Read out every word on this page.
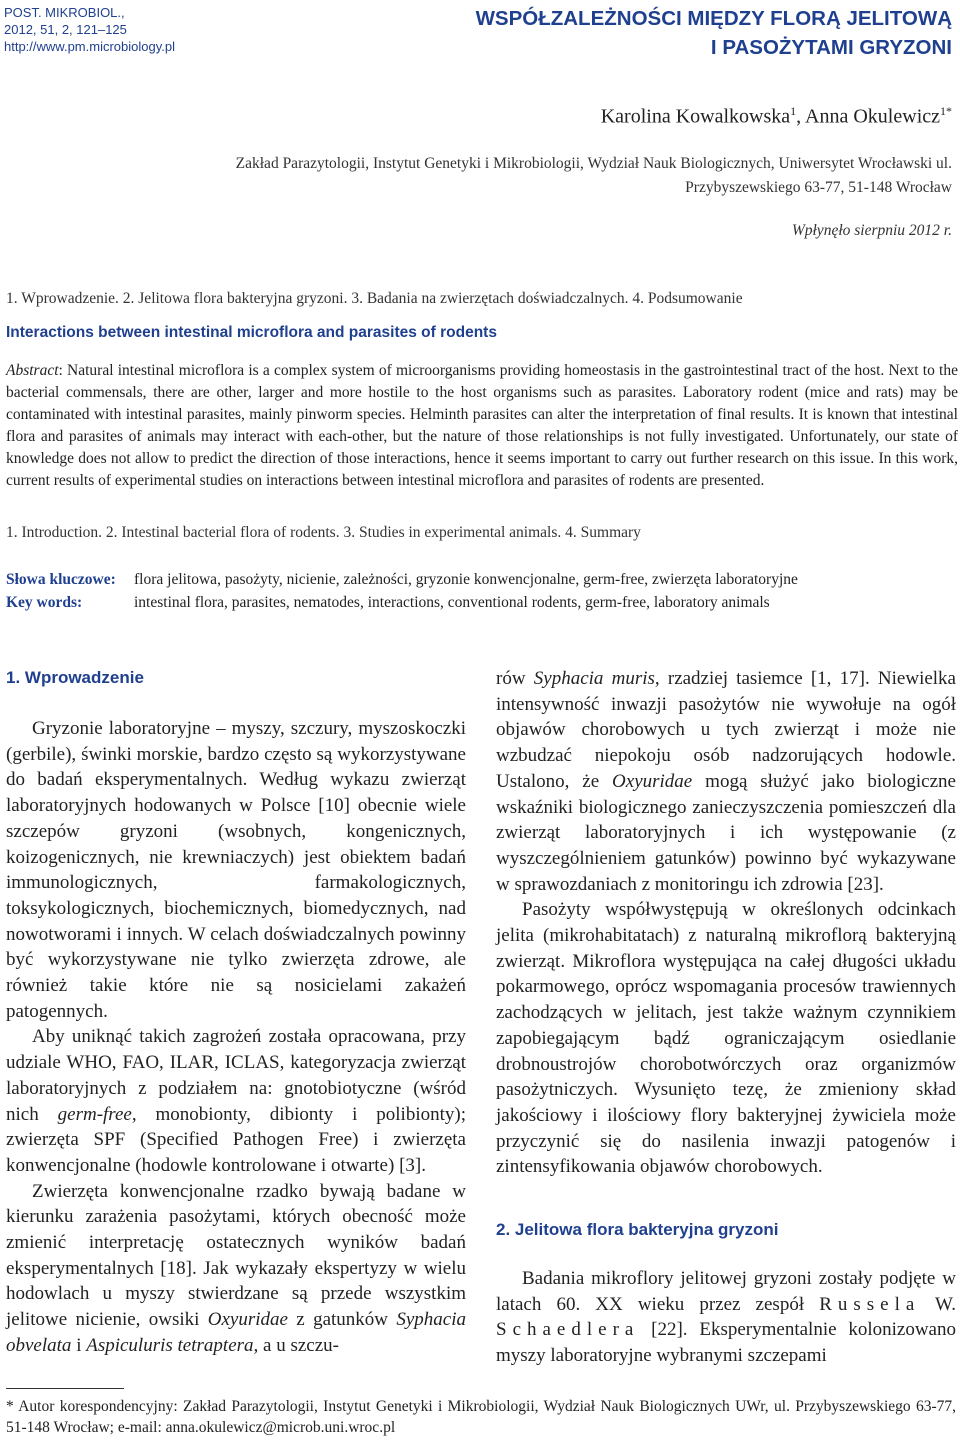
POST. MIKROBIOL.,
2012, 51, 2, 121–125
http://www.pm.microbiology.pl
WSPÓŁZALEŻNOŚCI MIĘDZY FLORĄ JELITOWĄ
I PASOŻYTAMI GRYZONI
Karolina Kowalkowska$^1$, Anna Okulewicz$^{1*}$
Zakład Parazytologii, Instytut Genetyki i Mikrobiologii, Wydział Nauk Biologicznych, Uniwersytet Wrocławski ul. Przybyszewskiego 63-77, 51-148 Wrocław
Wpłynęło sierpniu 2012 r.
1. Wprowadzenie. 2. Jelitowa flora bakteryjna gryzoni. 3. Badania na zwierzętach doświadczalnych. 4. Podsumowanie
Interactions between intestinal microflora and parasites of rodents
Abstract: Natural intestinal microflora is a complex system of microorganisms providing homeostasis in the gastrointestinal tract of the host. Next to the bacterial commensals, there are other, larger and more hostile to the host organisms such as parasites. Laboratory rodent (mice and rats) may be contaminated with intestinal parasites, mainly pinworm species. Helminth parasites can alter the interpretation of final results. It is known that intestinal flora and parasites of animals may interact with each-other, but the nature of those relationships is not fully investigated. Unfortunately, our state of knowledge does not allow to predict the direction of those interactions, hence it seems important to carry out further research on this issue. In this work, current results of experimental studies on interactions between intestinal microflora and parasites of rodents are presented.
1. Introduction. 2. Intestinal bacterial flora of rodents. 3. Studies in experimental animals. 4. Summary
Słowa kluczowe: flora jelitowa, pasożyty, nicienie, zależności, gryzonie konwencjonalne, germ-free, zwierzęta laboratoryjne
Key words:	intestinal flora, parasites, nematodes, interactions, conventional rodents, germ-free, laboratory animals
1. Wprowadzenie

Gryzonie laboratoryjne – myszy, szczury, myszoskoczki (gerbile), świnki morskie, bardzo często są wykorzystywane do badań eksperymentalnych. Według wykazu zwierząt laboratoryjnych hodowanych w Polsce [10] obecnie wiele szczepów gryzoni (wsobnych, kongenicznych, koizogenicznych, nie krewniaczych) jest obiektem badań immunologicznych, farmakologicznych, toksykologicznych, biochemicznych, biomedycznych, nad nowotworami i innych. W celach doświadczalnych powinny być wykorzystywane nie tylko zwierzęta zdrowe, ale również takie które nie są nosicielami zakażeń patogennych.

Aby uniknąć takich zagrożeń została opracowana, przy udziale WHO, FAO, ILAR, ICLAS, kategoryzacja zwierząt laboratoryjnych z podziałem na: gnotobiotyczne (wśród nich germ-free, monobionty, dibionty i polibionty); zwierzęta SPF (Specified Pathogen Free) i zwierzęta konwencjonalne (hodowle kontrolowane i otwarte) [3].

Zwierzęta konwencjonalne rzadko bywają badane w kierunku zarażenia pasożytami, których obecność może zmienić interpretację ostatecznych wyników badań eksperymentalnych [18]. Jak wykazały ekspertyzy w wielu hodowlach u myszy stwierdzane są przede wszystkim jelitowe nicienie, owsiki Oxyuridae z gatunków Syphacia obvelata i Aspiculuris tetraptera, a u szczu-

rów Syphacia muris, rzadziej tasiemce [1, 17]. Niewielka intensywność inwazji pasożytów nie wywołuje na ogół objawów chorobowych u tych zwierząt i może nie wzbudzać niepokoju osób nadzorujących hodowle. Ustalono, że Oxyuridae mogą służyć jako biologiczne wskaźniki biologicznego zanieczyszczenia pomieszczeń dla zwierząt laboratoryjnych i ich występowanie (z wyszczególnieniem gatunków) powinno być wykazywane w sprawozdaniach z monitoringu ich zdrowia [23].

Pasożyty współwystępują w określonych odcinkach jelita (mikrohabitatach) z naturalną mikroflorą bakteryjną zwierząt. Mikroflora występująca na całej długości układu pokarmowego, oprócz wspomagania procesów trawiennych zachodzących w jelitach, jest także ważnym czynnikiem zapobiegającym bądź ograniczającym osiedlanie drobnoustrojów chorobotwórczych oraz organizmów pasożytniczych. Wysunięto tezę, że zmieniony skład jakościowy i ilościowy flory bakteryjnej żywiciela może przyczynić się do nasilenia inwazji patogenów i zintensyfikowania objawów chorobowych.

2. Jelitowa flora bakteryjna gryzoni

Badania mikroflory jelitowej gryzoni zostały podjęte w latach 60. XX wieku przez zespół Russela W. Schaedlera [22]. Eksperymentalnie kolonizowano myszy laboratoryjne wybranymi szczepami

* Autor korespondencyjny: Zakład Parazytologii, Instytut Genetyki i Mikrobiologii, Wydział Nauk Biologicznych UWr, ul. Przybyszewskiego 63-77, 51-148 Wrocław; e-mail: anna.okulewicz@microb.uni.wroc.pl
